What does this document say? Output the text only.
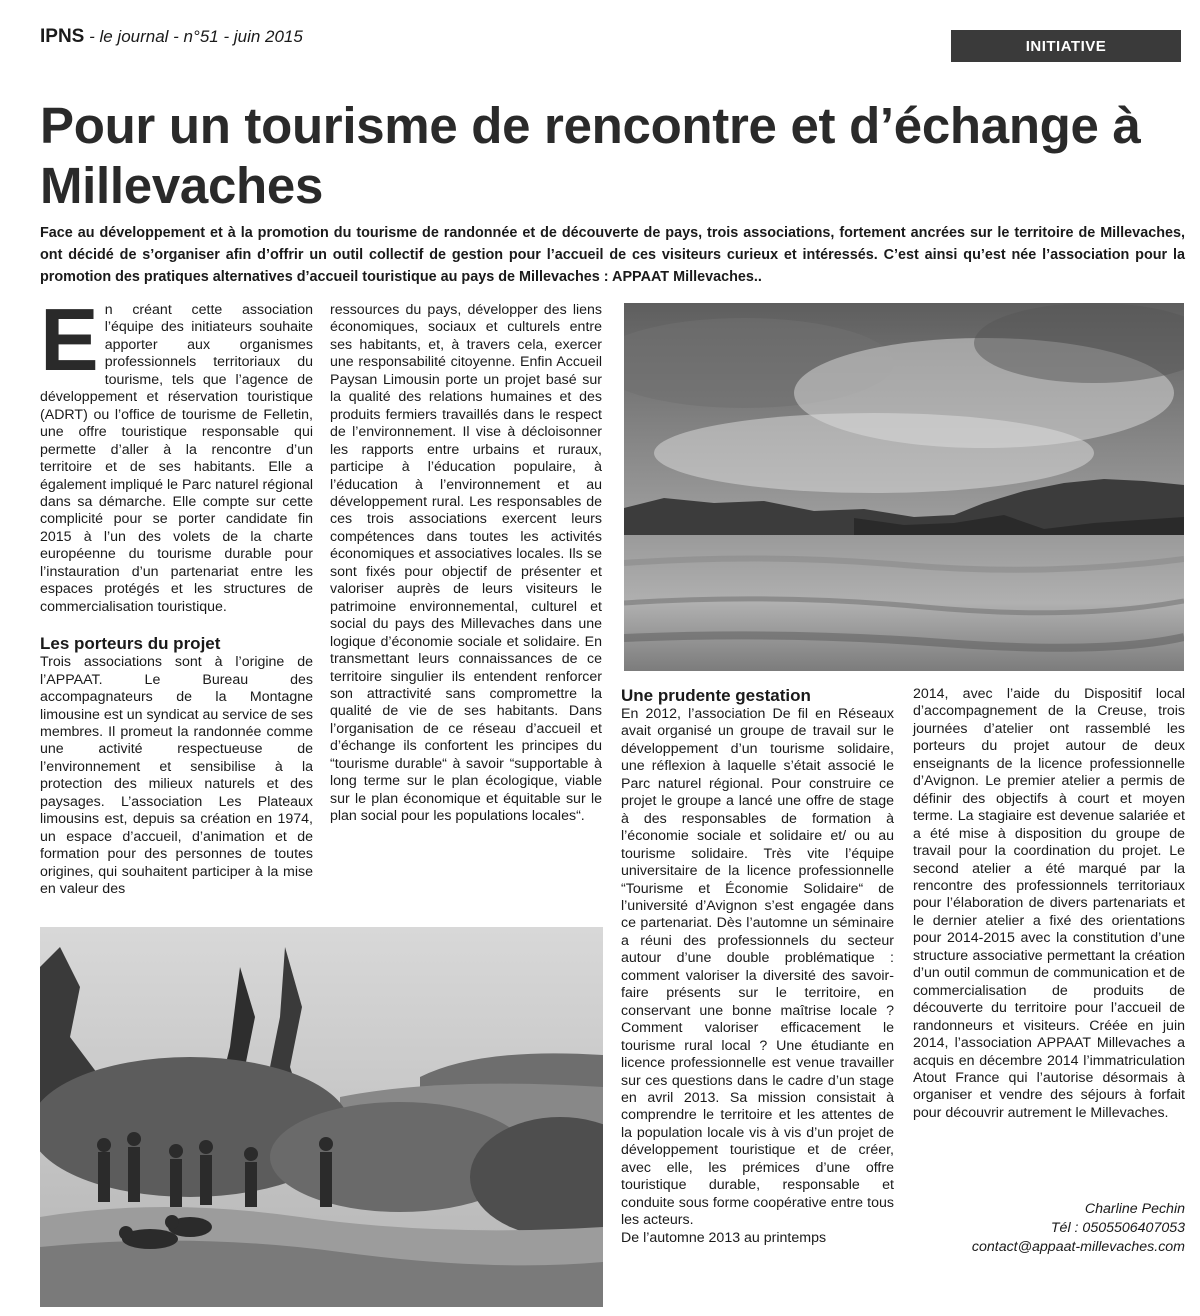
IPNS - le journal - n°51 - juin 2015	INITIATIVE
Pour un tourisme de rencontre et d’échange à Millevaches

Face au développement et à la promotion du tourisme de randonnée et de découverte de pays, trois associations, fortement ancrées sur le territoire de Millevaches, ont décidé de s’organiser afin d’offrir un outil collectif de gestion pour l’accueil de ces visiteurs curieux et intéressés. C’est ainsi qu’est née l’association pour la promotion des pratiques alternatives d’accueil touristique au pays de Millevaches : APPAAT Millevaches..

E n créant cette association l’équipe des initiateurs souhaite apporter aux organismes professionnels territoriaux du tourisme, tels que l’agence de développement et réservation touristique (ADRT) ou l’office de tourisme de Felletin, une offre touristique responsable qui permette d’aller à la rencontre d’un territoire et de ses habitants. Elle a également impliqué le Parc naturel régional dans sa démarche. Elle compte sur cette complicité pour se porter candidate fin 2015 à l’un des volets de la charte européenne du tourisme durable pour l’instauration d’un partenariat entre les espaces protégés et les structures de commercialisation touristique.

Les porteurs du projet

Trois associations sont à l’origine de l’APPAAT. Le Bureau des accompagnateurs de la Montagne limousine est un syndicat au service de ses membres. Il promeut la randonnée comme une activité respectueuse de l’environnement et sensibilise à la protection des milieux naturels et des paysages. L’association Les Plateaux limousins est, depuis sa création en 1974, un espace d’accueil, d’animation et de formation pour des personnes de toutes origines, qui souhaitent participer à la mise en valeur des

ressources du pays, développer des liens économiques, sociaux et culturels entre ses habitants, et, à travers cela, exercer une responsabilité citoyenne. Enfin Accueil Paysan Limousin porte un projet basé sur la qualité des relations humaines et des produits fermiers travaillés dans le respect de l’environnement. Il vise à décloisonner les rapports entre urbains et ruraux, participe à l’éducation populaire, à l’éducation à l’environnement et au développement rural. Les responsables de ces trois associations exercent leurs compétences dans toutes les activités économiques et associatives locales. Ils se sont fixés pour objectif de présenter et valoriser auprès de leurs visiteurs le patrimoine environnemental, culturel et social du pays des Millevaches dans une logique d’économie sociale et solidaire. En transmettant leurs connaissances de ce territoire singulier ils entendent renforcer son attractivité sans compromettre la qualité de vie de ses habitants. Dans l’organisation de ce réseau d’accueil et d’échange ils confortent les principes du “tourisme durable“ à savoir “supportable à long terme sur le plan écologique, viable sur le plan économique et équitable sur le plan social pour les populations locales“.

Une prudente gestation

En 2012, l’association De fil en Réseaux avait organisé un groupe de travail sur le développement d’un tourisme solidaire, une réflexion à laquelle s’était associé le Parc naturel régional. Pour construire ce projet le groupe a lancé une offre de stage à des responsables de formation à l’économie sociale et solidaire et/ ou au tourisme solidaire. Très vite l’équipe universitaire de la licence professionnelle “Tourisme et Économie Solidaire“ de l’université d’Avignon s’est engagée dans ce partenariat. Dès l’automne un séminaire a réuni des professionnels du secteur autour d’une double problématique : comment valoriser la diversité des savoir-faire présents sur le territoire, en conservant une bonne maîtrise locale ? Comment valoriser efficacement le tourisme rural local ? Une étudiante en licence professionnelle est venue travailler sur ces questions dans le cadre d’un stage en avril 2013. Sa mission consistait à comprendre le territoire et les attentes de la population locale vis à vis d’un projet de développement touristique et de créer, avec elle, les prémices d’une offre touristique durable, responsable et conduite sous forme coopérative entre tous les acteurs.

De l’automne 2013 au printemps

2014, avec l’aide du Dispositif local d’accompagnement de la Creuse, trois journées d’atelier ont rassemblé les porteurs du projet autour de deux enseignants de la licence professionnelle d’Avignon. Le premier atelier a permis de définir des objectifs à court et moyen terme. La stagiaire est devenue salariée et a été mise à disposition du groupe de travail pour la coordination du projet. Le second atelier a été marqué par la rencontre des professionnels territoriaux pour l’élaboration de divers partenariats et le dernier atelier a fixé des orientations pour 2014-2015 avec la constitution d’une structure associative permettant la création d’un outil commun de communication et de commercialisation de produits de découverte du territoire pour l’accueil de randonneurs et visiteurs. Créée en juin 2014, l’association APPAAT Millevaches a acquis en décembre 2014 l’immatriculation Atout France qui l’autorise désormais à organiser et vendre des séjours à forfait pour découvrir autrement le Millevaches.

Charline Pechin
Tél : 0505506407053
contact@appaat-millevaches.com
